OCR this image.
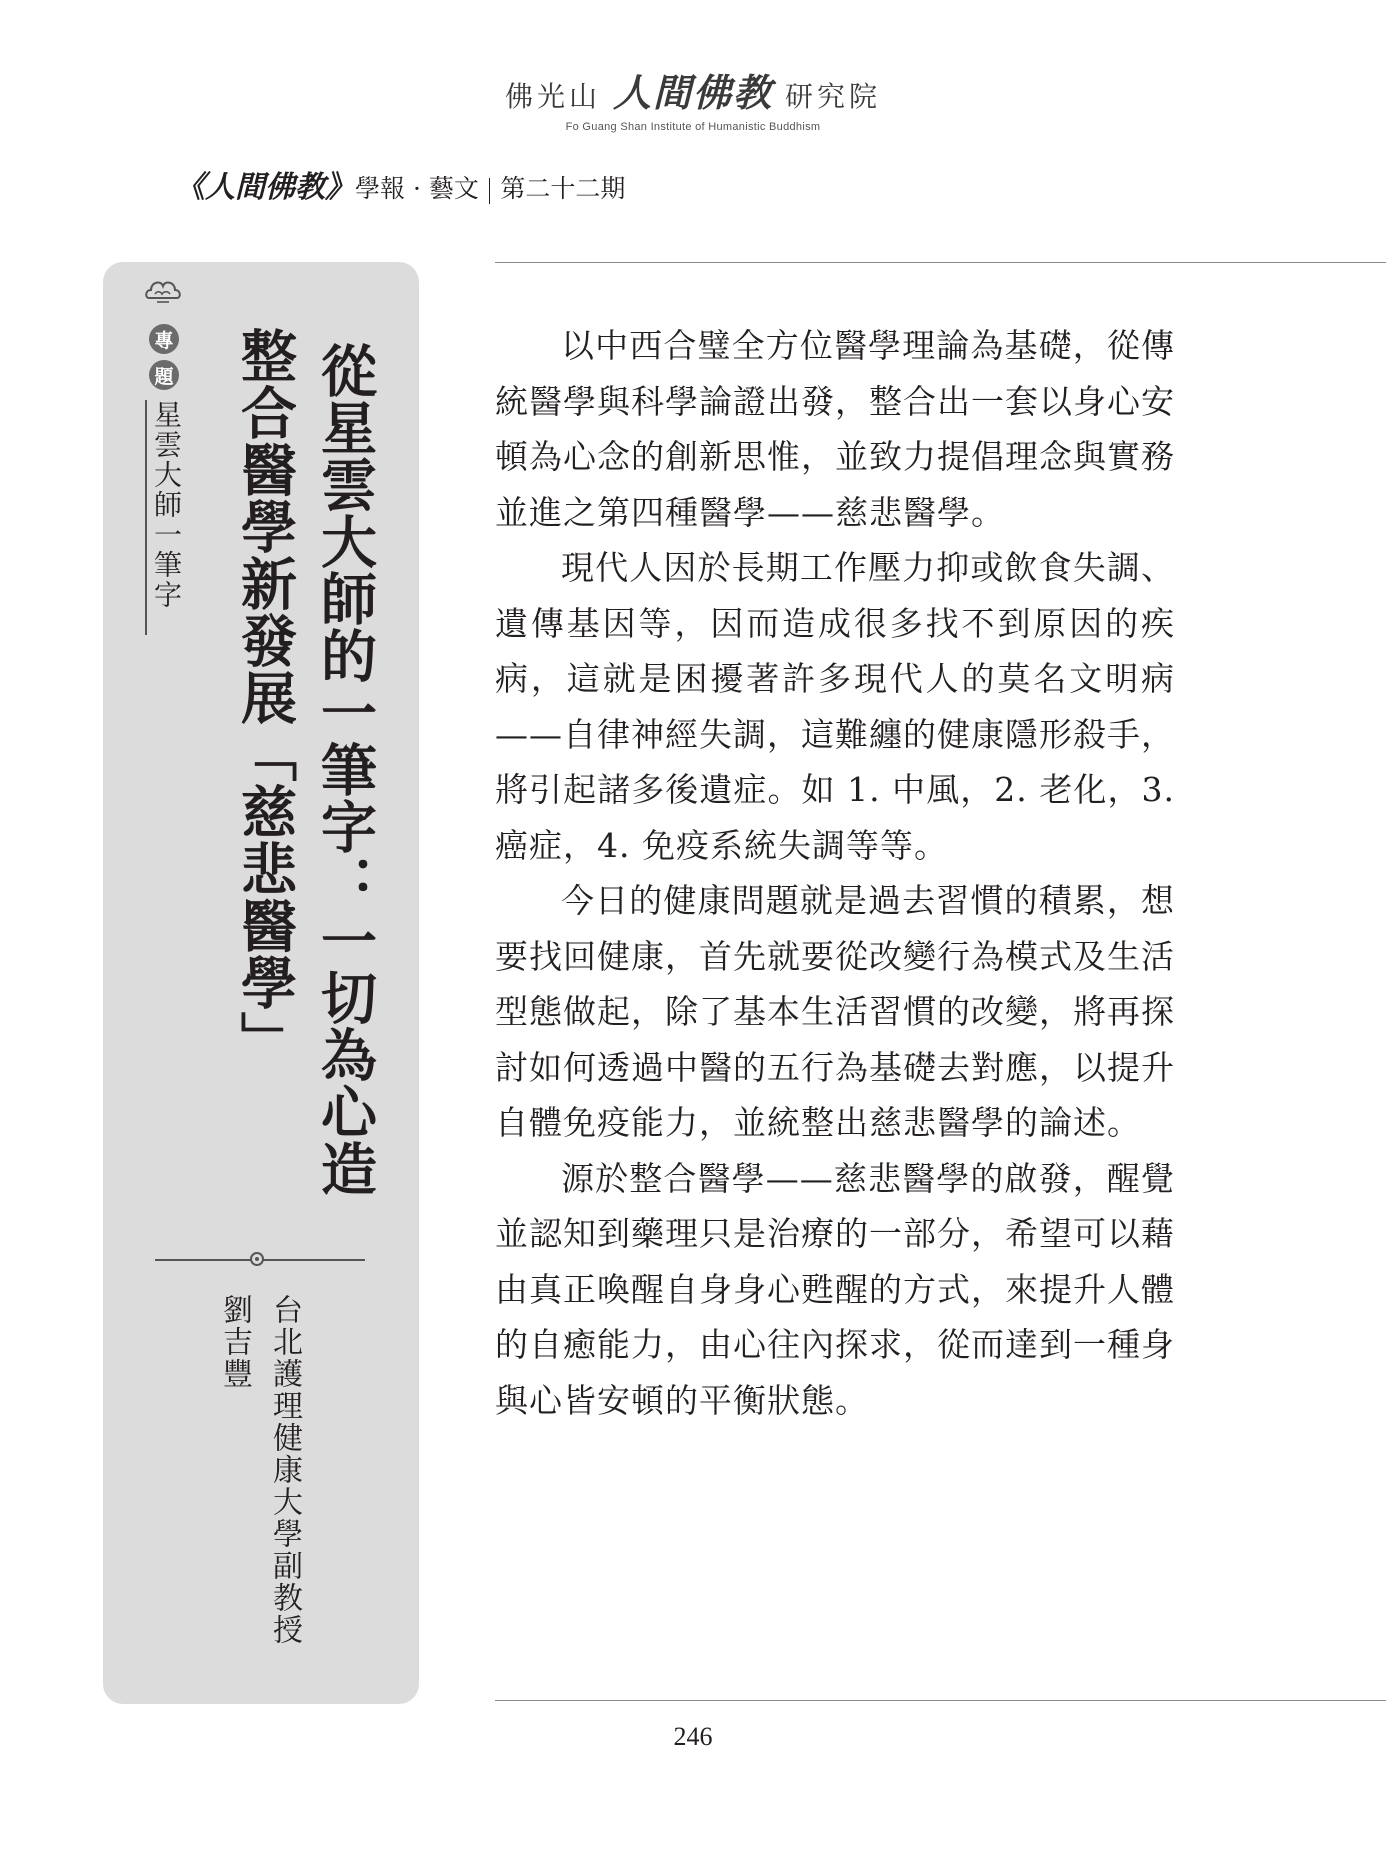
佛光山 人間佛教 研究院
Fo Guang Shan Institute of Humanistic Buddhism
《人間佛教》學報 · 藝文 第二十二期
專
題
星雲大師一筆字 從星雲大師的一筆字：一切為心造
整合醫學新發展「慈悲醫學」
台北護理健康大學副教授
劉吉豐

以中西合璧全方位醫學理論為基礎，從傳統醫學與科學論證出發，整合出一套以身心安頓為心念的創新思惟，並致力提倡理念與實務並進之第四種醫學——慈悲醫學。

現代人因於長期工作壓力抑或飲食失調、遺傳基因等，因而造成很多找不到原因的疾病，這就是困擾著許多現代人的莫名文明病——自律神經失調，這難纏的健康隱形殺手，將引起諸多後遺症。如 1. 中風，2. 老化，3. 癌症，4. 免疫系統失調等等。

今日的健康問題就是過去習慣的積累，想要找回健康，首先就要從改變行為模式及生活型態做起，除了基本生活習慣的改變，將再探討如何透過中醫的五行為基礎去對應，以提升自體免疫能力，並統整出慈悲醫學的論述。

源於整合醫學——慈悲醫學的啟發，醒覺並認知到藥理只是治療的一部分，希望可以藉由真正喚醒自身身心甦醒的方式，來提升人體的自癒能力，由心往內探求，從而達到一種身與心皆安頓的平衡狀態。

246
